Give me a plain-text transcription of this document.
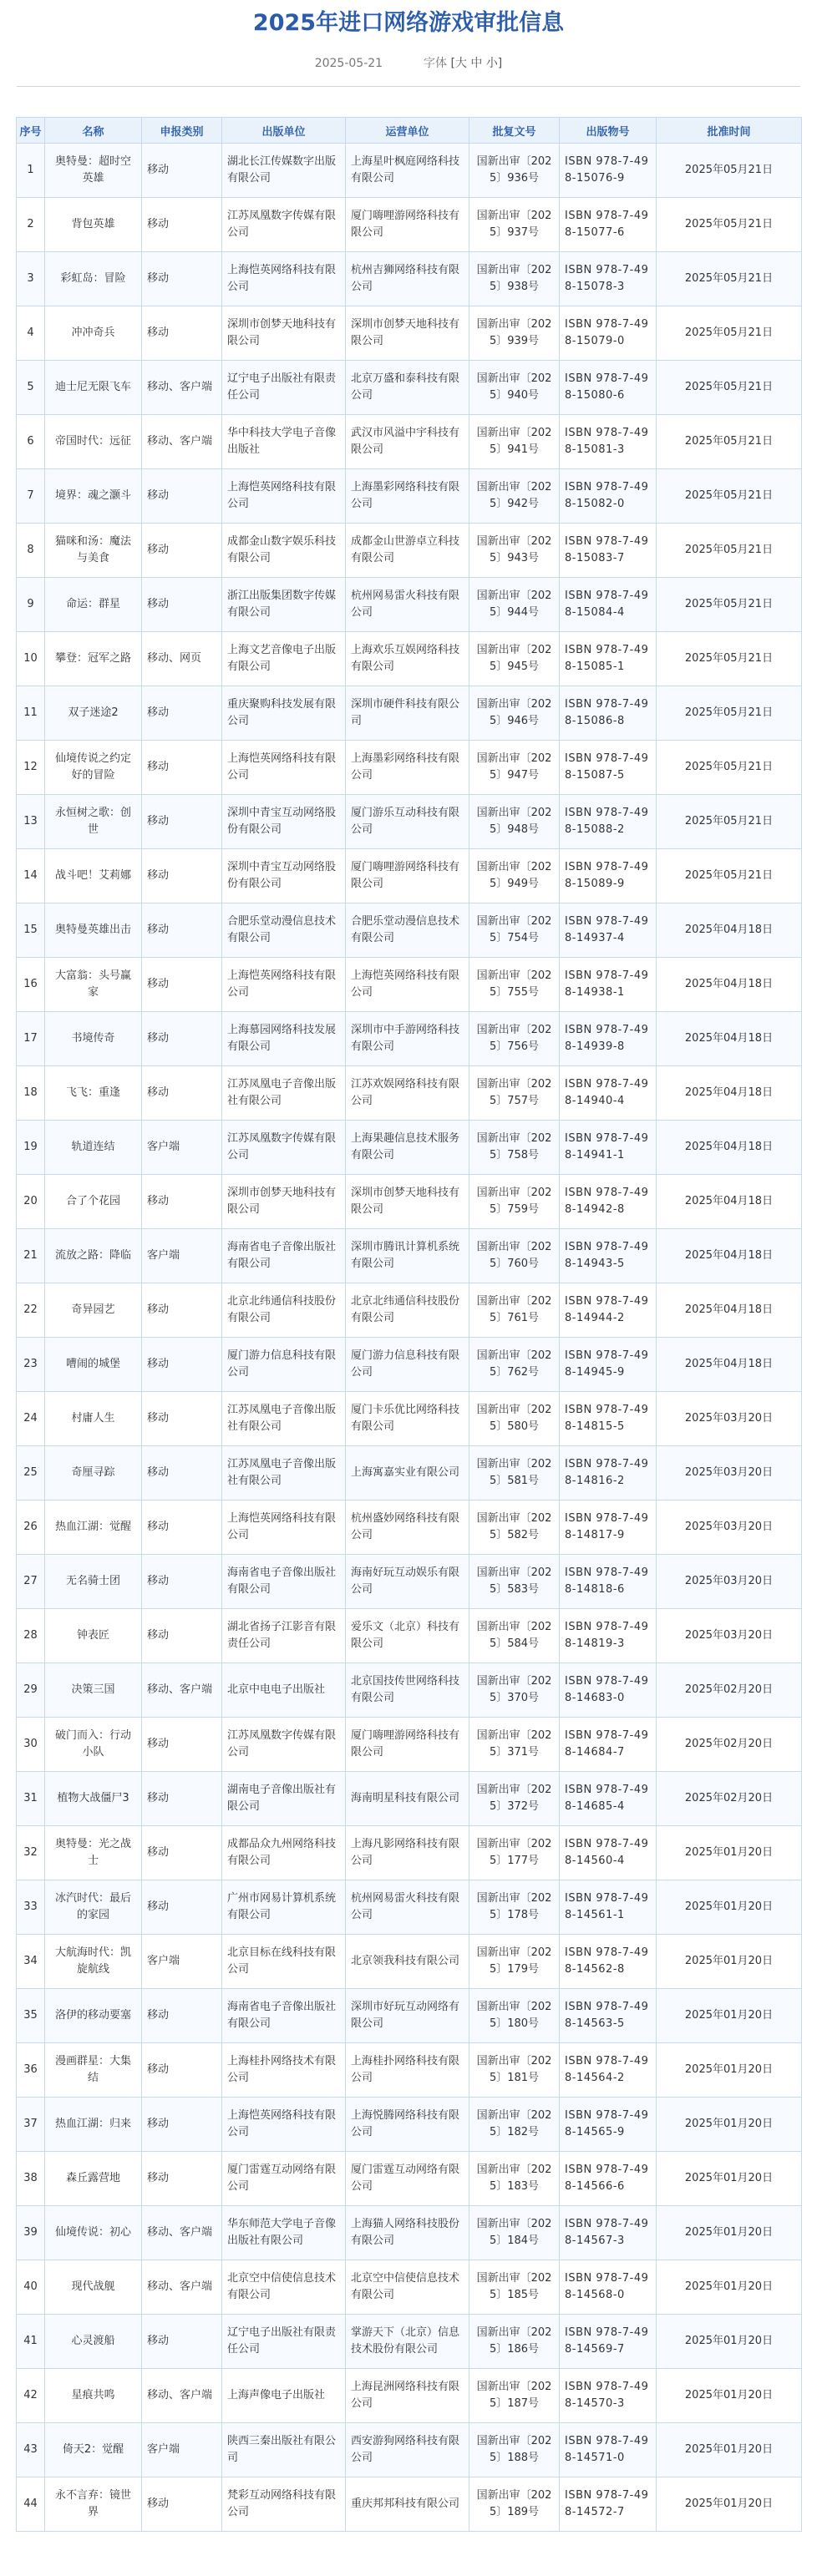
2025年进口网络游戏审批信息
2025-05-21	字体 [大 中 小]
序号	名称	申报类别	出版单位	运营单位	批复文号	出版物号	批准时间
1	奥特曼：超时空英雄	移动	湖北长江传媒数字出版有限公司	上海星叶枫庭网络科技有限公司	国新出审〔2025〕936号	ISBN 978-7-498-15076-9	2025年05月21日
2	背包英雄	移动	江苏凤凰数字传媒有限公司	厦门嗨哩游网络科技有限公司	国新出审〔2025〕937号	ISBN 978-7-498-15077-6	2025年05月21日
3	彩虹岛：冒险	移动	上海恺英网络科技有限公司	杭州吉狮网络科技有限公司	国新出审〔2025〕938号	ISBN 978-7-498-15078-3	2025年05月21日
4	冲冲奇兵	移动	深圳市创梦天地科技有限公司	深圳市创梦天地科技有限公司	国新出审〔2025〕939号	ISBN 978-7-498-15079-0	2025年05月21日
5	迪士尼无限飞车	移动、客户端	辽宁电子出版社有限责任公司	北京万盛和泰科技有限公司	国新出审〔2025〕940号	ISBN 978-7-498-15080-6	2025年05月21日
6	帝国时代：远征	移动、客户端	华中科技大学电子音像出版社	武汉市风溢中宇科技有限公司	国新出审〔2025〕941号	ISBN 978-7-498-15081-3	2025年05月21日
7	境界：魂之灏斗	移动	上海恺英网络科技有限公司	上海墨彩网络科技有限公司	国新出审〔2025〕942号	ISBN 978-7-498-15082-0	2025年05月21日
8	猫咪和汤：魔法与美食	移动	成都金山数字娱乐科技有限公司	成都金山世游卓立科技有限公司	国新出审〔2025〕943号	ISBN 978-7-498-15083-7	2025年05月21日
9	命运：群星	移动	浙江出版集团数字传媒有限公司	杭州网易雷火科技有限公司	国新出审〔2025〕944号	ISBN 978-7-498-15084-4	2025年05月21日
10	攀登：冠军之路	移动、网页	上海文艺音像电子出版有限公司	上海欢乐互娱网络科技有限公司	国新出审〔2025〕945号	ISBN 978-7-498-15085-1	2025年05月21日
11	双子迷途2	移动	重庆聚购科技发展有限公司	深圳市硬件科技有限公司	国新出审〔2025〕946号	ISBN 978-7-498-15086-8	2025年05月21日
12	仙境传说之约定好的冒险	移动	上海恺英网络科技有限公司	上海墨彩网络科技有限公司	国新出审〔2025〕947号	ISBN 978-7-498-15087-5	2025年05月21日
13	永恒树之歌：创世	移动	深圳中青宝互动网络股份有限公司	厦门游乐互动科技有限公司	国新出审〔2025〕948号	ISBN 978-7-498-15088-2	2025年05月21日
14	战斗吧！艾莉娜	移动	深圳中青宝互动网络股份有限公司	厦门嗨哩游网络科技有限公司	国新出审〔2025〕949号	ISBN 978-7-498-15089-9	2025年05月21日
15	奥特曼英雄出击	移动	合肥乐堂动漫信息技术有限公司	合肥乐堂动漫信息技术有限公司	国新出审〔2025〕754号	ISBN 978-7-498-14937-4	2025年04月18日
16	大富翁：头号赢家	移动	上海恺英网络科技有限公司	上海恺英网络科技有限公司	国新出审〔2025〕755号	ISBN 978-7-498-14938-1	2025年04月18日
17	书境传奇	移动	上海慕园网络科技发展有限公司	深圳市中手游网络科技有限公司	国新出审〔2025〕756号	ISBN 978-7-498-14939-8	2025年04月18日
18	飞飞：重逢	移动	江苏凤凰电子音像出版社有限公司	江苏欢娱网络科技有限公司	国新出审〔2025〕757号	ISBN 978-7-498-14940-4	2025年04月18日
19	轨道连结	客户端	江苏凤凰数字传媒有限公司	上海果趣信息技术服务有限公司	国新出审〔2025〕758号	ISBN 978-7-498-14941-1	2025年04月18日
20	合了个花园	移动	深圳市创梦天地科技有限公司	深圳市创梦天地科技有限公司	国新出审〔2025〕759号	ISBN 978-7-498-14942-8	2025年04月18日
21	流放之路：降临	客户端	海南省电子音像出版社有限公司	深圳市腾讯计算机系统有限公司	国新出审〔2025〕760号	ISBN 978-7-498-14943-5	2025年04月18日
22	奇异园艺	移动	北京北纬通信科技股份有限公司	北京北纬通信科技股份有限公司	国新出审〔2025〕761号	ISBN 978-7-498-14944-2	2025年04月18日
23	嘈闹的城堡	移动	厦门游力信息科技有限公司	厦门游力信息科技有限公司	国新出审〔2025〕762号	ISBN 978-7-498-14945-9	2025年04月18日
24	村庸人生	移动	江苏凤凰电子音像出版社有限公司	厦门卡乐优比网络科技有限公司	国新出审〔2025〕580号	ISBN 978-7-498-14815-5	2025年03月20日
25	奇厘寻踪	移动	江苏凤凰电子音像出版社有限公司	上海寓嘉实业有限公司	国新出审〔2025〕581号	ISBN 978-7-498-14816-2	2025年03月20日
26	热血江湖：觉醒	移动	上海恺英网络科技有限公司	杭州盛妙网络科技有限公司	国新出审〔2025〕582号	ISBN 978-7-498-14817-9	2025年03月20日
27	无名骑士团	移动	海南省电子音像出版社有限公司	海南好玩互动娱乐有限公司	国新出审〔2025〕583号	ISBN 978-7-498-14818-6	2025年03月20日
28	钟表匠	移动	湖北省扬子江影音有限责任公司	爱乐文（北京）科技有限公司	国新出审〔2025〕584号	ISBN 978-7-498-14819-3	2025年03月20日
29	决策三国	移动、客户端	北京中电电子出版社	北京国技传世网络科技有限公司	国新出审〔2025〕370号	ISBN 978-7-498-14683-0	2025年02月20日
30	破门而入：行动小队	移动	江苏凤凰数字传媒有限公司	厦门嗨哩游网络科技有限公司	国新出审〔2025〕371号	ISBN 978-7-498-14684-7	2025年02月20日
31	植物大战僵尸3	移动	湖南电子音像出版社有限公司	海南明星科技有限公司	国新出审〔2025〕372号	ISBN 978-7-498-14685-4	2025年02月20日
32	奥特曼：光之战士	移动	成都品众九州网络科技有限公司	上海凡影网络科技有限公司	国新出审〔2025〕177号	ISBN 978-7-498-14560-4	2025年01月20日
33	冰汽时代：最后的家园	移动	广州市网易计算机系统有限公司	杭州网易雷火科技有限公司	国新出审〔2025〕178号	ISBN 978-7-498-14561-1	2025年01月20日
34	大航海时代：凯旋航线	客户端	北京目标在线科技有限公司	北京领我科技有限公司	国新出审〔2025〕179号	ISBN 978-7-498-14562-8	2025年01月20日
35	洛伊的移动要塞	移动	海南省电子音像出版社有限公司	深圳市好玩互动网络有限公司	国新出审〔2025〕180号	ISBN 978-7-498-14563-5	2025年01月20日
36	漫画群星：大集结	移动	上海桂扑网络技术有限公司	上海桂扑网络科技有限公司	国新出审〔2025〕181号	ISBN 978-7-498-14564-2	2025年01月20日
37	热血江湖：归来	移动	上海恺英网络科技有限公司	上海悦腾网络科技有限公司	国新出审〔2025〕182号	ISBN 978-7-498-14565-9	2025年01月20日
38	森丘露营地	移动	厦门雷霆互动网络有限公司	厦门雷霆互动网络有限公司	国新出审〔2025〕183号	ISBN 978-7-498-14566-6	2025年01月20日
39	仙境传说：初心	移动、客户端	华东师范大学电子音像出版社有限公司	上海猫人网络科技股份有限公司	国新出审〔2025〕184号	ISBN 978-7-498-14567-3	2025年01月20日
40	现代战舰	移动、客户端	北京空中信使信息技术有限公司	北京空中信使信息技术有限公司	国新出审〔2025〕185号	ISBN 978-7-498-14568-0	2025年01月20日
41	心灵渡船	移动	辽宁电子出版社有限责任公司	掌游天下（北京）信息技术股份有限公司	国新出审〔2025〕186号	ISBN 978-7-498-14569-7	2025年01月20日
42	星痕共鸣	移动、客户端	上海声像电子出版社	上海昆洲网络科技有限公司	国新出审〔2025〕187号	ISBN 978-7-498-14570-3	2025年01月20日
43	倚天2：觉醒	客户端	陕西三秦出版社有限公司	西安游狗网络科技有限公司	国新出审〔2025〕188号	ISBN 978-7-498-14571-0	2025年01月20日
44	永不言弃：镜世界	移动	梵彩互动网络科技有限公司	重庆邦邦科技有限公司	国新出审〔2025〕189号	ISBN 978-7-498-14572-7	2025年01月20日
